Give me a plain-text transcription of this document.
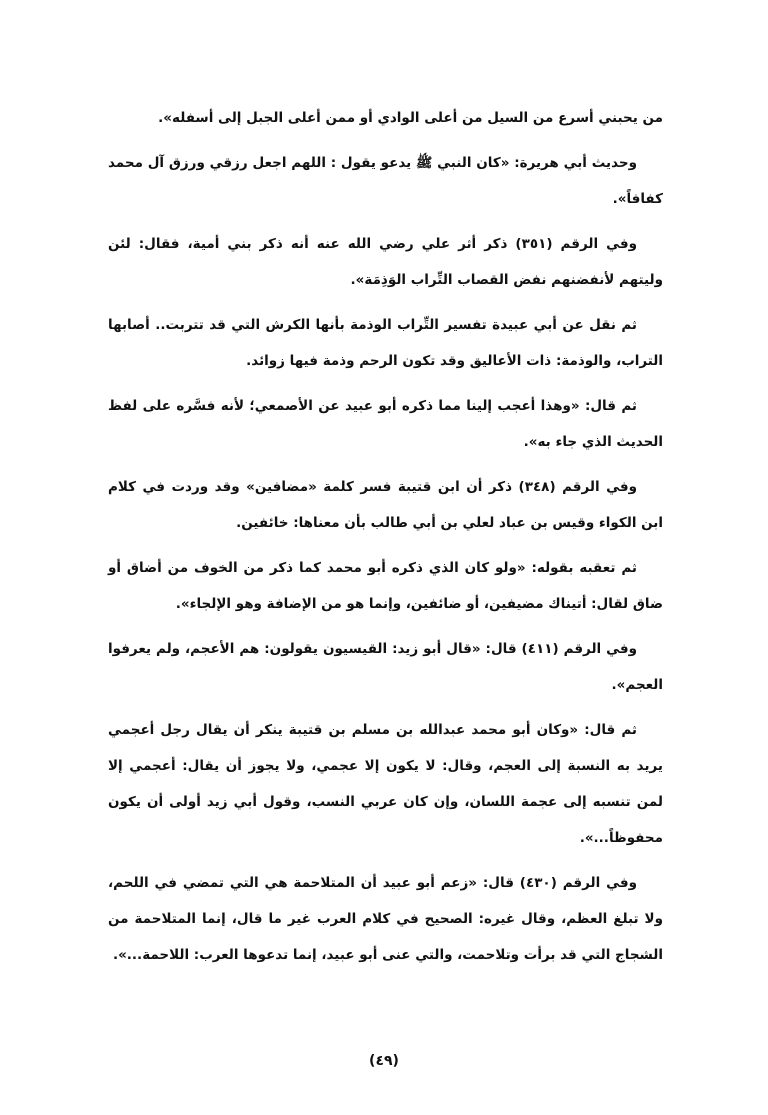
من يحبني أسرع من السيل من أعلى الوادي أو ممن أعلى الجبل إلى أسفله».

وحديث أبي هريرة: «كان النبي ﷺ يدعو يقول : اللهم اجعل رزقي ورزق آل محمد كفافاً».

وفي الرقم (٣٥١) ذكر أثر علي رضي الله عنه أنه ذكر بني أمية، فقال: لئن وليتهم لأنفضنهم نفض القصاب التِّراب الوَذِمَة».

ثم نقل عن أبي عبيدة تفسير التِّراب الوذمة بأنها الكرش التي قد تتربت.. أصابها التراب، والوذمة: ذات الأعاليق وقد تكون الرحم وذمة فيها زوائد.

ثم قال: «وهذا أعجب إلينا مما ذكره أبو عبيد عن الأصمعي؛ لأنه فسَّره على لفظ الحديث الذي جاء به».

وفي الرقم (٣٤٨) ذكر أن ابن قتيبة فسر كلمة «مضافين» وقد وردت في كلام ابن الكواء وقيس بن عباد لعلي بن أبي طالب بأن معناها: خائفين.

ثم تعقبه بقوله: «ولو كان الذي ذكره أبو محمد كما ذكر من الخوف من أضاق أو ضاق لقال: أتيناك مضيفين، أو ضائفين، وإنما هو من الإضافة وهو الإلجاء».

وفي الرقم (٤١١) قال: «قال أبو زيد: القيسيون يقولون: هم الأعجم، ولم يعرفوا العجم».

ثم قال: «وكان أبو محمد عبدالله بن مسلم بن قتيبة ينكر أن يقال رجل أعجمي يريد به النسبة إلى العجم، وقال: لا يكون إلا عجمي، ولا يجوز أن يقال: أعجمي إلا لمن تنسبه إلى عجمة اللسان، وإن كان عربي النسب، وقول أبي زيد أولى أن يكون محفوظاً...».

وفي الرقم (٤٣٠) قال: «زعم أبو عبيد أن المتلاحمة هي التي تمضي في اللحم، ولا تبلغ العظم، وقال غيره: الصحيح في كلام العرب غير ما قال، إنما المتلاحمة من الشجاج التي قد برأت وتلاحمت، والتي عنى أبو عبيد، إنما تدعوها العرب: اللاحمة...».

(٤٩)
